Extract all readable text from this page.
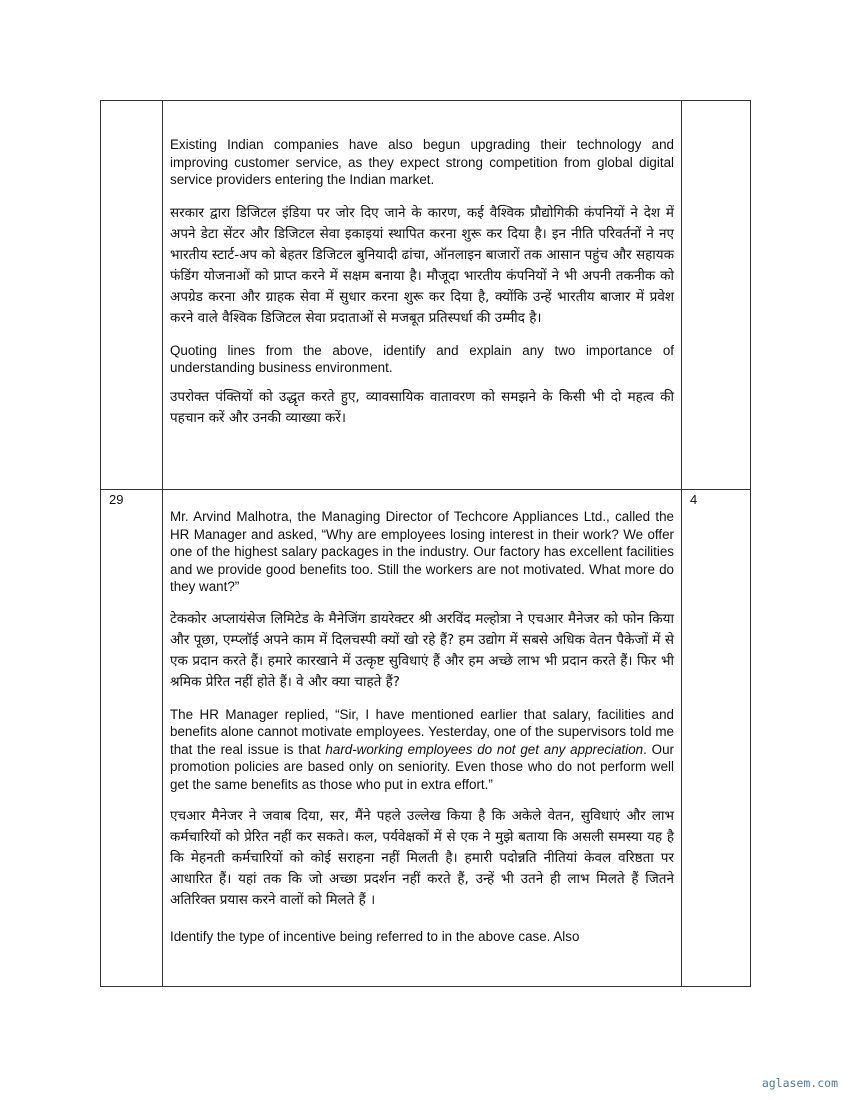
	Existing Indian companies have also begun upgrading their technology and improving customer service, as they expect strong competition from global digital service providers entering the Indian market.

सरकार द्वारा डिजिटल इंडिया पर जोर दिए जाने के कारण, कई वैश्विक प्रौद्योगिकी कंपनियों ने देश में अपने डेटा सेंटर और डिजिटल सेवा इकाइयां स्थापित करना शुरू कर दिया है। इन नीति परिवर्तनों ने नए भारतीय स्टार्ट-अप को बेहतर डिजिटल बुनियादी ढांचा, ऑनलाइन बाजारों तक आसान पहुंच और सहायक फंडिंग योजनाओं को प्राप्त करने में सक्षम बनाया है। मौजूदा भारतीय कंपनियों ने भी अपनी तकनीक को अपग्रेड करना और ग्राहक सेवा में सुधार करना शुरू कर दिया है, क्योंकि उन्हें भारतीय बाजार में प्रवेश करने वाले वैश्विक डिजिटल सेवा प्रदाताओं से मजबूत प्रतिस्पर्धा की उम्मीद है।

Quoting lines from the above, identify and explain any two importance of understanding business environment.

उपरोक्त पंक्तियों को उद्धृत करते हुए, व्यावसायिक वातावरण को समझने के किसी भी दो महत्व की पहचान करें और उनकी व्याख्या करें।	

29	Mr. Arvind Malhotra, the Managing Director of Techcore Appliances Ltd., called the HR Manager and asked, “Why are employees losing interest in their work? We offer one of the highest salary packages in the industry. Our factory has excellent facilities and we provide good benefits too. Still the workers are not motivated. What more do they want?”

टेककोर अप्लायंसेज लिमिटेड के मैनेजिंग डायरेक्टर श्री अरविंद मल्होत्रा ने एचआर मैनेजर को फोन किया और पूछा, एम्प्लॉई अपने काम में दिलचस्पी क्यों खो रहे हैं? हम उद्योग में सबसे अधिक वेतन पैकेजों में से एक प्रदान करते हैं। हमारे कारखाने में उत्कृष्ट सुविधाएं हैं और हम अच्छे लाभ भी प्रदान करते हैं। फिर भी श्रमिक प्रेरित नहीं होते हैं। वे और क्या चाहते हैं?

The HR Manager replied, “Sir, I have mentioned earlier that salary, facilities and benefits alone cannot motivate employees. Yesterday, one of the supervisors told me that the real issue is that hard-working employees do not get any appreciation. Our promotion policies are based only on seniority. Even those who do not perform well get the same benefits as those who put in extra effort.”

एचआर मैनेजर ने जवाब दिया, सर, मैंने पहले उल्लेख किया है कि अकेले वेतन, सुविधाएं और लाभ कर्मचारियों को प्रेरित नहीं कर सकते। कल, पर्यवेक्षकों में से एक ने मुझे बताया कि असली समस्या यह है कि मेहनती कर्मचारियों को कोई सराहना नहीं मिलती है। हमारी पदोन्नति नीतियां केवल वरिष्ठता पर आधारित हैं। यहां तक कि जो अच्छा प्रदर्शन नहीं करते हैं, उन्हें भी उतने ही लाभ मिलते हैं जितने अतिरिक्त प्रयास करने वालों को मिलते हैं ।

Identify the type of incentive being referred to in the above case. Also	4
aglasem.com
